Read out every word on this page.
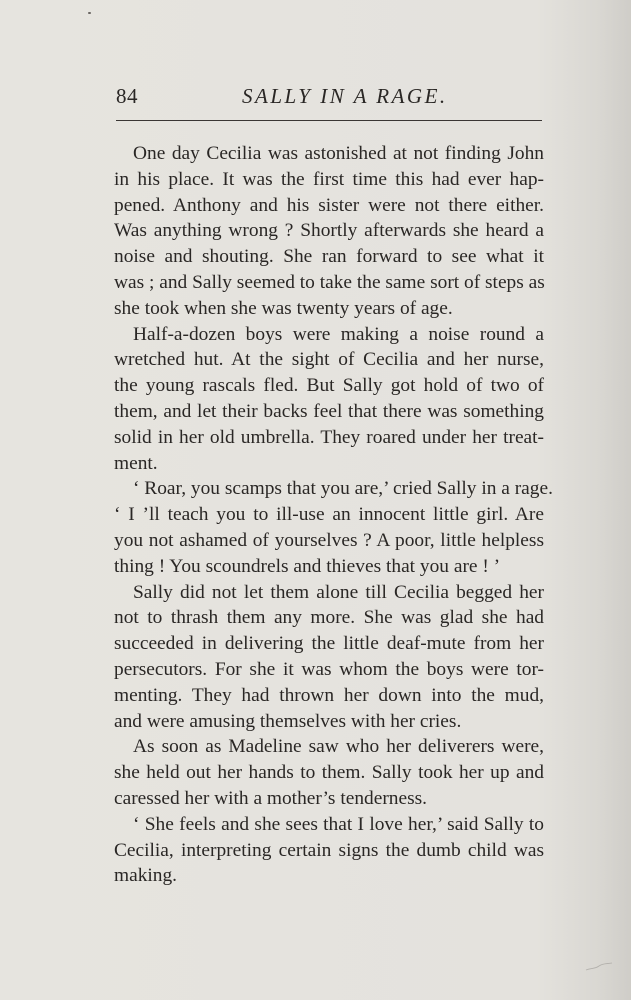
84	SALLY IN A RAGE.
One day Cecilia was astonished at not finding John
in his place. It was the first time this had ever hap-
pened. Anthony and his sister were not there either.
Was anything wrong ? Shortly afterwards she heard a
noise and shouting. She ran forward to see what it
was ; and Sally seemed to take the same sort of steps as
she took when she was twenty years of age.
Half-a-dozen boys were making a noise round a
wretched hut. At the sight of Cecilia and her nurse,
the young rascals fled. But Sally got hold of two of
them, and let their backs feel that there was something
solid in her old umbrella. They roared under her treat-
ment.
‘ Roar, you scamps that you are,’ cried Sally in a rage.
‘ I ’ll teach you to ill-use an innocent little girl. Are
you not ashamed of yourselves ? A poor, little helpless
thing ! You scoundrels and thieves that you are ! ’
Sally did not let them alone till Cecilia begged her
not to thrash them any more. She was glad she had
succeeded in delivering the little deaf-mute from her
persecutors. For she it was whom the boys were tor-
menting. They had thrown her down into the mud,
and were amusing themselves with her cries.
As soon as Madeline saw who her deliverers were,
she held out her hands to them. Sally took her up and
caressed her with a mother’s tenderness.
‘ She feels and she sees that I love her,’ said Sally to
Cecilia, interpreting certain signs the dumb child was
making.
